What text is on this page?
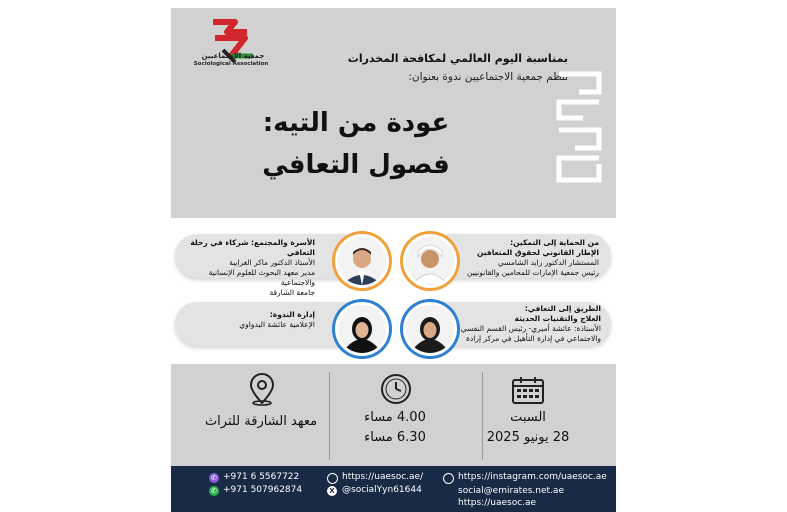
جمعية الاجتماعيين
Sociological Association	بمناسبة اليوم العالمي لمكافحة المخدرات
تنظم جمعية الاجتماعيين ندوة بعنوان:
عودة من التيه:
فصول التعافي
من الحماية إلى التمكين:
الإطار القانوني لحقوق المتعافين
المستشار الدكتور زايد الشامسي
رئيس جمعية الإمارات للمحامين والقانونيين
الأسرة والمجتمع: شركاء في رحلة التعافي
الأستاذ الدكتور ماكر الغرايبة
مدير معهد البحوث للعلوم الإنسانية والاجتماعية
جامعة الشارقة
الطريق إلى التعافي:
العلاج والتقنيات الحديثة
الأستاذة: عائشة أمبري- رئيس القسم النفسي
والاجتماعي في إدارة التأهيل في مركز إرادة
إدارة الندوة:
الإعلامية عائشة البدواوي
السبت
28 يونيو 2025
4.00 مساء
6.30 مساء
معهد الشارقة للتراث
✆ +971 6 5567722
✆ +971 507962874
https://uaesoc.ae/
X @socialYyn61644
https://instagram.com/uaesoc.ae
social@emirates.net.ae
https://uaesoc.ae
